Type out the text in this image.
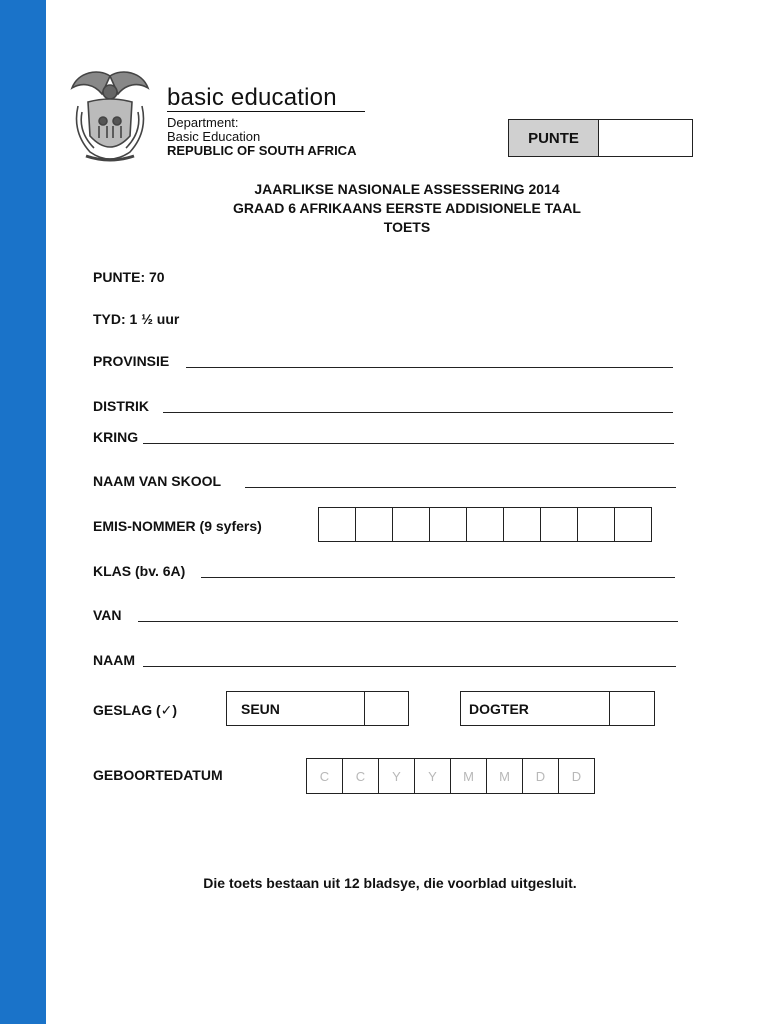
basic education
Department:
Basic Education
REPUBLIC OF SOUTH AFRICA
PUNTE
JAARLIKSE NASIONALE ASSESSERING 2014
GRAAD 6 AFRIKAANS EERSTE ADDISIONELE TAAL
TOETS
PUNTE: 70
TYD: 1 ½ uur
PROVINSIE
DISTRIK
KRING
NAAM VAN SKOOL
EMIS-NOMMER (9 syfers)
KLAS (bv. 6A)
VAN
NAAM
GESLAG (✓)	SEUN	DOGTER
GEBOORTEDATUM	C	C	Y	Y	M	M	D	D
Die toets bestaan uit 12 bladsye, die voorblad uitgesluit.
